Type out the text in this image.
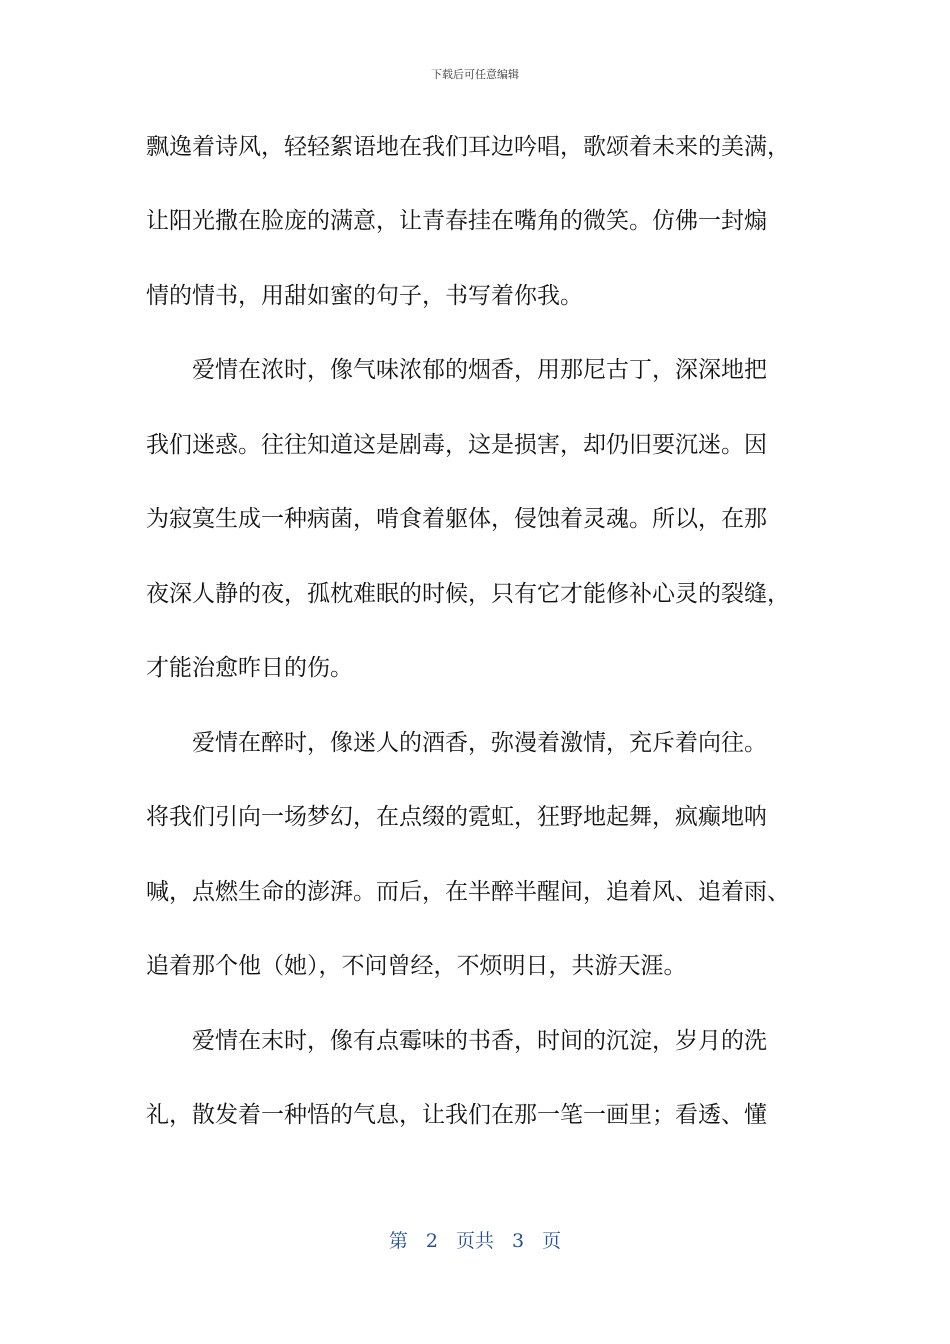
下载后可任意编辑
飘逸着诗风，轻轻絮语地在我们耳边吟唱，歌颂着未来的美满，
让阳光撒在脸庞的满意，让青春挂在嘴角的微笑。仿佛一封煽
情的情书，用甜如蜜的句子，书写着你我。
爱情在浓时，像气味浓郁的烟香，用那尼古丁，深深地把
我们迷惑。往往知道这是剧毒，这是损害，却仍旧要沉迷。因
为寂寞生成一种病菌，啃食着躯体，侵蚀着灵魂。所以，在那
夜深人静的夜，孤枕难眠的时候，只有它才能修补心灵的裂缝，
才能治愈昨日的伤。
爱情在醉时，像迷人的酒香，弥漫着激情，充斥着向往。
将我们引向一场梦幻，在点缀的霓虹，狂野地起舞，疯癫地呐
喊，点燃生命的澎湃。而后，在半醉半醒间，追着风、追着雨、
追着那个他（她），不问曾经，不烦明日，共游天涯。
爱情在末时，像有点霉味的书香，时间的沉淀，岁月的洗
礼，散发着一种悟的气息，让我们在那一笔一画里；看透、懂
第 2 页共 3 页
